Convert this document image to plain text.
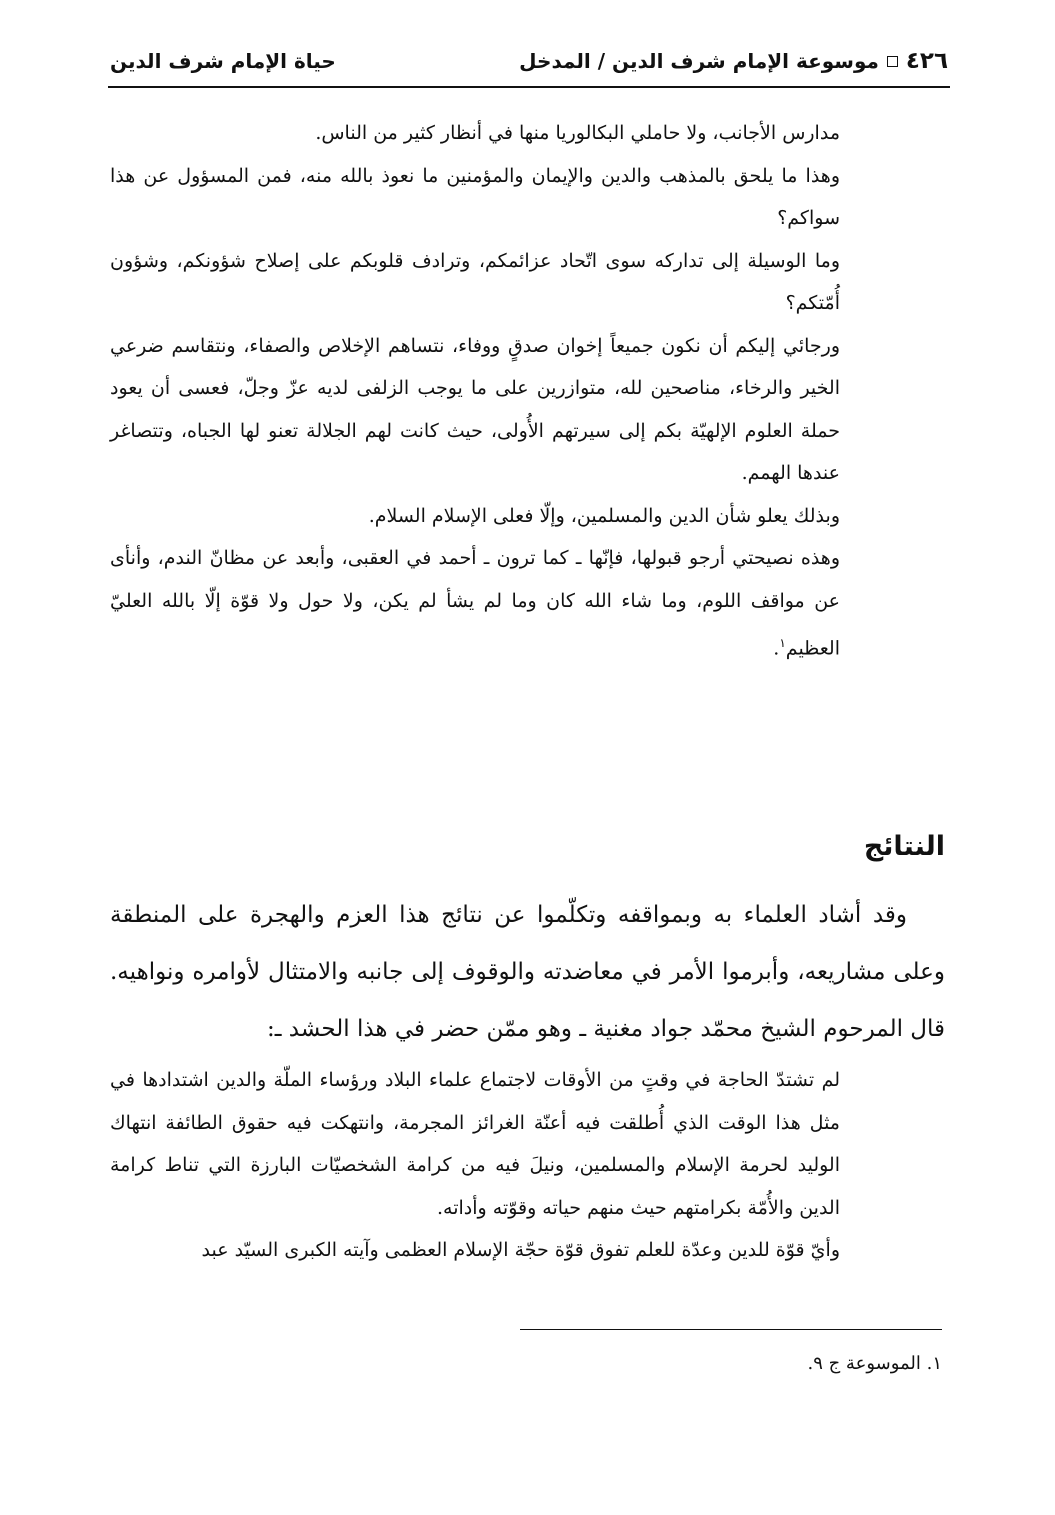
٤٢٦
موسوعة الإمام شرف الدين / المدخل
حياة الإمام شرف الدين

مدارس الأجانب، ولا حاملي البكالوريا منها في أنظار كثير من الناس.

وهذا ما يلحق بالمذهب والدين والإيمان والمؤمنين ما نعوذ بالله منه، فمن المسؤول عن هذا سواكم؟

وما الوسيلة إلى تداركه سوى اتّحاد عزائمكم، وترادف قلوبكم على إصلاح شؤونكم، وشؤون أُمّتكم؟

ورجائي إليكم أن نكون جميعاً إخوان صدقٍ ووفاء، نتساهم الإخلاص والصفاء، ونتقاسم ضرعي الخير والرخاء، مناصحين لله، متوازرين على ما يوجب الزلفى لديه عزّ وجلّ، فعسى أن يعود حملة العلوم الإلهيّة بكم إلى سيرتهم الأُولى، حيث كانت لهم الجلالة تعنو لها الجباه، وتتصاغر عندها الهمم.

وبذلك يعلو شأن الدين والمسلمين، وإلّا فعلى الإسلام السلام.

وهذه نصيحتي أرجو قبولها، فإنّها ـ كما ترون ـ أحمد في العقبى، وأبعد عن مظانّ الندم، وأنأى عن مواقف اللوم، وما شاء الله كان وما لم يشأ لم يكن، ولا حول ولا قوّة إلّا بالله العليّ العظيم$^١$.

النتائج

وقد أشاد العلماء به وبمواقفه وتكلّموا عن نتائج هذا العزم والهجرة على المنطقة وعلى مشاريعه، وأبرموا الأمر في معاضدته والوقوف إلى جانبه والامتثال لأوامره ونواهيه. قال المرحوم الشيخ محمّد جواد مغنية ـ وهو ممّن حضر في هذا الحشد ـ:

لم تشتدّ الحاجة في وقتٍ من الأوقات لاجتماع علماء البلاد ورؤساء الملّة والدين اشتدادها في مثل هذا الوقت الذي أُطلقت فيه أعنّة الغرائز المجرمة، وانتهكت فيه حقوق الطائفة انتهاك الوليد لحرمة الإسلام والمسلمين، ونيلَ فيه من كرامة الشخصيّات البارزة التي تناط كرامة الدين والأُمّة بكرامتهم حيث منهم حياته وقوّته وأداته.

وأيّ قوّة للدين وعدّة للعلم تفوق قوّة حجّة الإسلام العظمى وآيته الكبرى السيّد عبد

١. الموسوعة ج ٩.
